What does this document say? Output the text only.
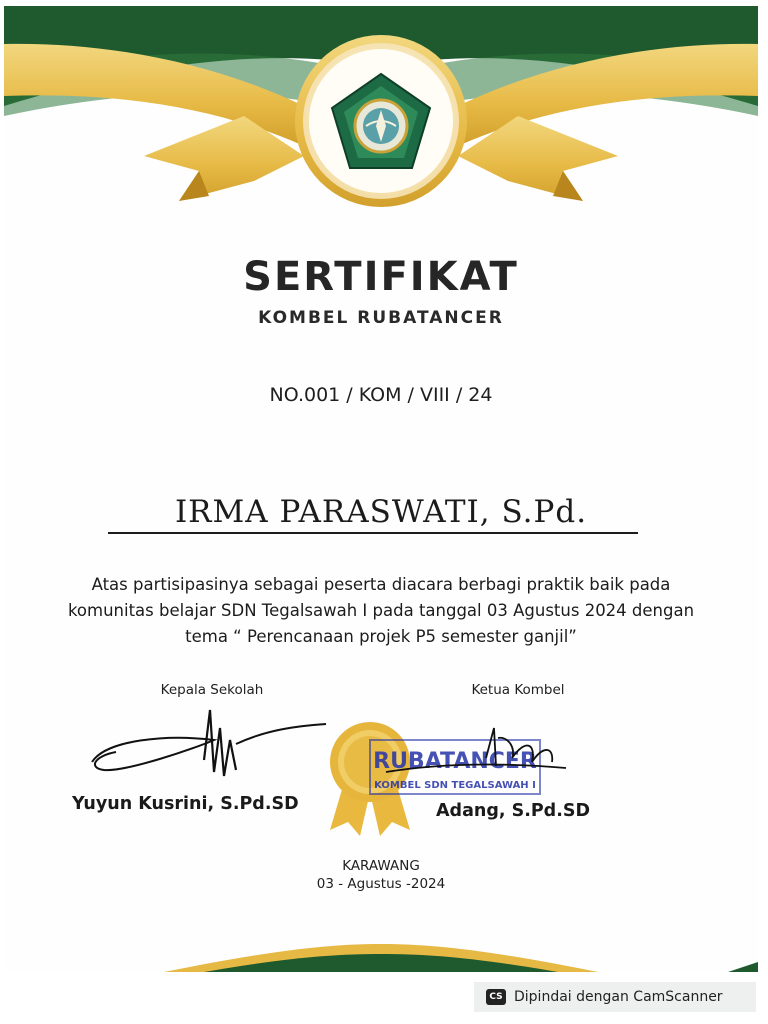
SERTIFIKAT
KOMBEL RUBATANCER
NO.001 / KOM / VIII / 24
IRMA PARASWATI, S.Pd.
Atas partisipasinya sebagai peserta diacara berbagi praktik baik pada
komunitas belajar SDN Tegalsawah I pada tanggal 03 Agustus 2024 dengan
tema “ Perencanaan projek P5 semester ganjil”
Kepala Sekolah	Ketua Kombel
RUBATANCER
KOMBEL SDN TEGALSAWAH I
Yuyun Kusrini, S.Pd.SD	Adang, S.Pd.SD
KARAWANG
03 - Agustus -2024
CS Dipindai dengan CamScanner
